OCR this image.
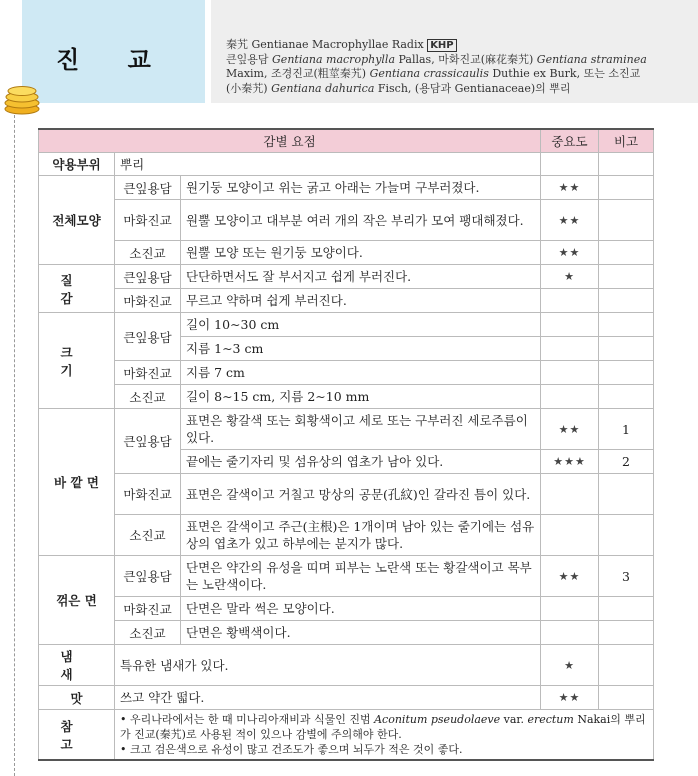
진 교
秦艽 Gentianae Macrophyllae Radix KHP
큰잎용담 Gentiana macrophylla Pallas, 마화진교(麻花秦艽) Gentiana straminea
Maxim, 조경진교(粗莖秦艽) Gentiana crassicaulis Duthie ex Burk, 또는 소진교
(小秦艽) Gentiana dahurica Fisch, (용담과 Gentianaceae)의 뿌리
감별 요점			중요도	비고
약용부위	뿌리			
전체모양	큰잎용담	원기둥 모양이고 위는 굵고 아래는 가늘며 구부러졌다.	★★	
	마화진교	원뿔 모양이고 대부분 여러 개의 작은 부리가 모여 팽대해졌다.	★★	
	소진교	원뿔 모양 또는 원기둥 모양이다.	★★	
질 감	큰잎용담	단단하면서도 잘 부서지고 쉽게 부러진다.	★	
	마화진교	무르고 약하며 쉽게 부러진다.		
크 기	큰잎용담	길이 10∼30 cm		
		지름 1∼3 cm		
	마화진교	지름 7 cm		
	소진교	길이 8∼15 cm, 지름 2∼10 mm		
바 깥 면	큰잎용담	표면은 황갈색 또는 회황색이고 세로 또는 구부러진 세로주름이 있다.	★★	1
		끝에는 줄기자리 및 섬유상의 엽초가 남아 있다.	★★★	2
	마화진교	표면은 갈색이고 거칠고 망상의 공문(孔紋)인 갈라진 틈이 있다.		
	소진교	표면은 갈색이고 주근(主根)은 1개이며 남아 있는 줄기에는 섬유상의 엽초가 있고 하부에는 분지가 많다.		
꺾은 면	큰잎용담	단면은 약간의 유성을 띠며 피부는 노란색 또는 황갈색이고 목부는 노란색이다.	★★	3
	마화진교	단면은 말라 썩은 모양이다.		
	소진교	단면은 황백색이다.		
냄 새	특유한 냄새가 있다.		★	
맛	쓰고 약간 떫다.		★★	
참 고	• 우리나라에서는 한 때 미나리아재비과 식물인 진범 Aconitum pseudolaeve var. erectum Nakai의 뿌리가 진교(秦艽)로 사용된 적이 있으나 감별에 주의해야 한다.
• 크고 검은색으로 유성이 많고 건조도가 좋으며 뇌두가 적은 것이 좋다.			
